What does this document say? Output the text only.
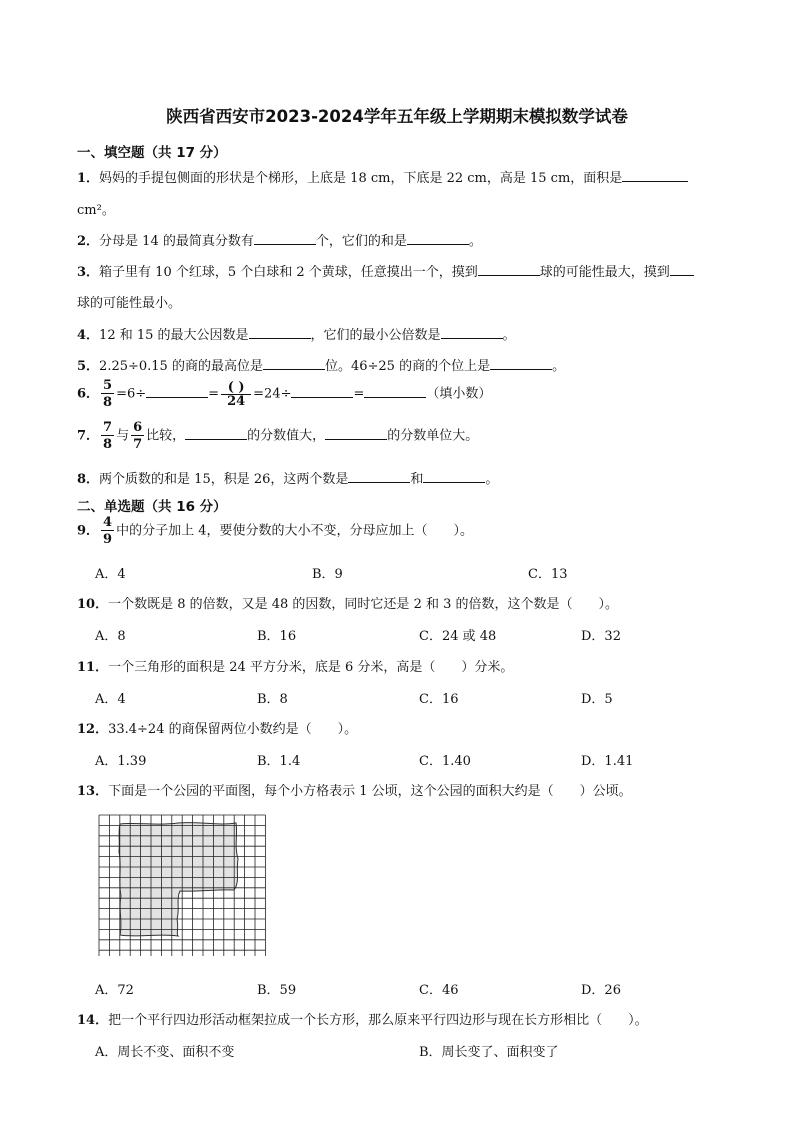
陕西省西安市2023-2024学年五年级上学期期末模拟数学试卷
一、填空题（共 17 分）
1．妈妈的手提包侧面的形状是个梯形，上底是 18 cm，下底是 22 cm，高是 15 cm，面积是
cm²。
2．分母是 14 的最简真分数有	个，它们的和是	。
3．箱子里有 10 个红球，5 个白球和 2 个黄球，任意摸出一个，摸到	球的可能性最大，摸到
球的可能性最小。
4．12 和 15 的最大公因数是	，它们的最小公倍数是	。
5．2.25÷0.15 的商的最高位是	位。46÷25 的商的个位上是	。
6． $\frac{5}{8} =6\div$	= $\frac{( )}{24} =24\div$	=	（填小数）
7． $\frac{7}{8}$ 与 $\frac{6}{7}$ 比较，	的分数值大，	的分数单位大。
8．两个质数的和是 15，积是 26，这两个数是	和	。
二、单选题（共 16 分）
9． $\frac{4}{9}$ 中的分子加上 4，要使分数的大小不变，分母应加上（　　）。
A．4	B．9	C．13
10．一个数既是 8 的倍数，又是 48 的因数，同时它还是 2 和 3 的倍数，这个数是（　　）。
A．8	B．16	C．24 或 48	D．32
11．一个三角形的面积是 24 平方分米，底是 6 分米，高是（　　）分米。
A．4	B．8	C．16	D．5
12．33.4÷24 的商保留两位小数约是（　　）。
A．1.39	B．1.4	C．1.40	D．1.41
13．下面是一个公园的平面图，每个小方格表示 1 公顷，这个公园的面积大约是（　　）公顷。
A．72	B．59	C．46	D．26
14．把一个平行四边形活动框架拉成一个长方形，那么原来平行四边形与现在长方形相比（　　）。
A．周长不变、面积不变	B．周长变了、面积变了
